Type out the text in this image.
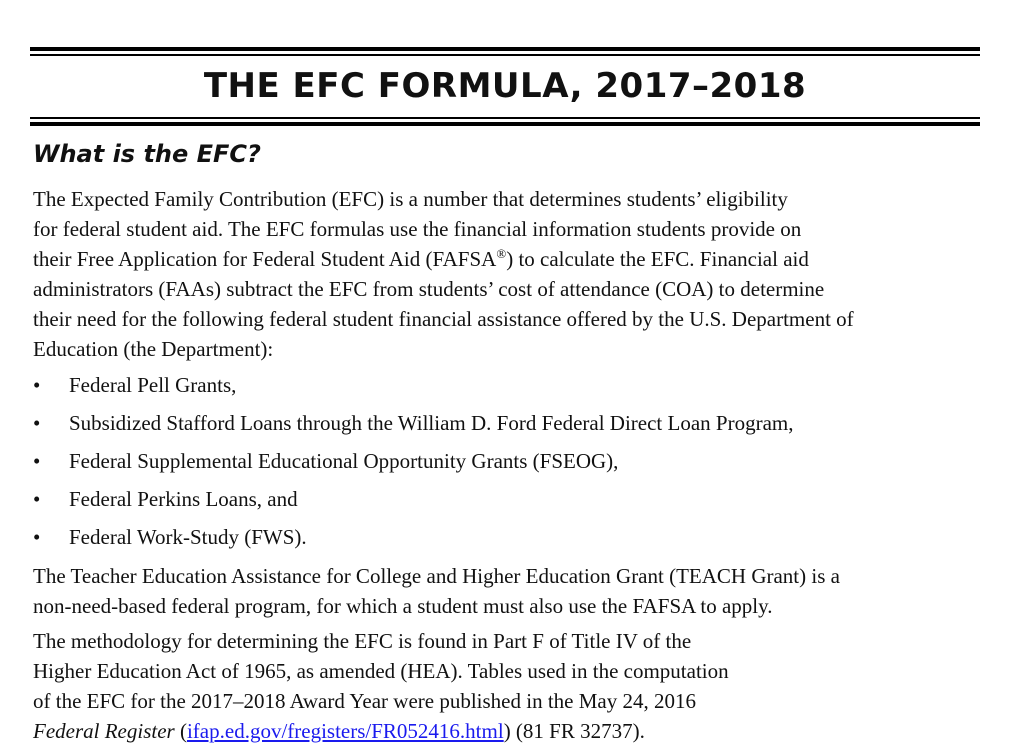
THE EFC FORMULA, 2017–2018
What is the EFC?
The Expected Family Contribution (EFC) is a number that determines students’ eligibility
for federal student aid. The EFC formulas use the financial information students provide on
their Free Application for Federal Student Aid (FAFSA®) to calculate the EFC. Financial aid
administrators (FAAs) subtract the EFC from students’ cost of attendance (COA) to determine
their need for the following federal student financial assistance offered by the U.S. Department of
Education (the Department):
• Federal Pell Grants,
• Subsidized Stafford Loans through the William D. Ford Federal Direct Loan Program,
• Federal Supplemental Educational Opportunity Grants (FSEOG),
• Federal Perkins Loans, and
• Federal Work-Study (FWS).
The Teacher Education Assistance for College and Higher Education Grant (TEACH Grant) is a
non-need-based federal program, for which a student must also use the FAFSA to apply.
The methodology for determining the EFC is found in Part F of Title IV of the
Higher Education Act of 1965, as amended (HEA). Tables used in the computation
of the EFC for the 2017–2018 Award Year were published in the May 24, 2016
Federal Register (ifap.ed.gov/fregisters/FR052416.html) (81 FR 32737).
